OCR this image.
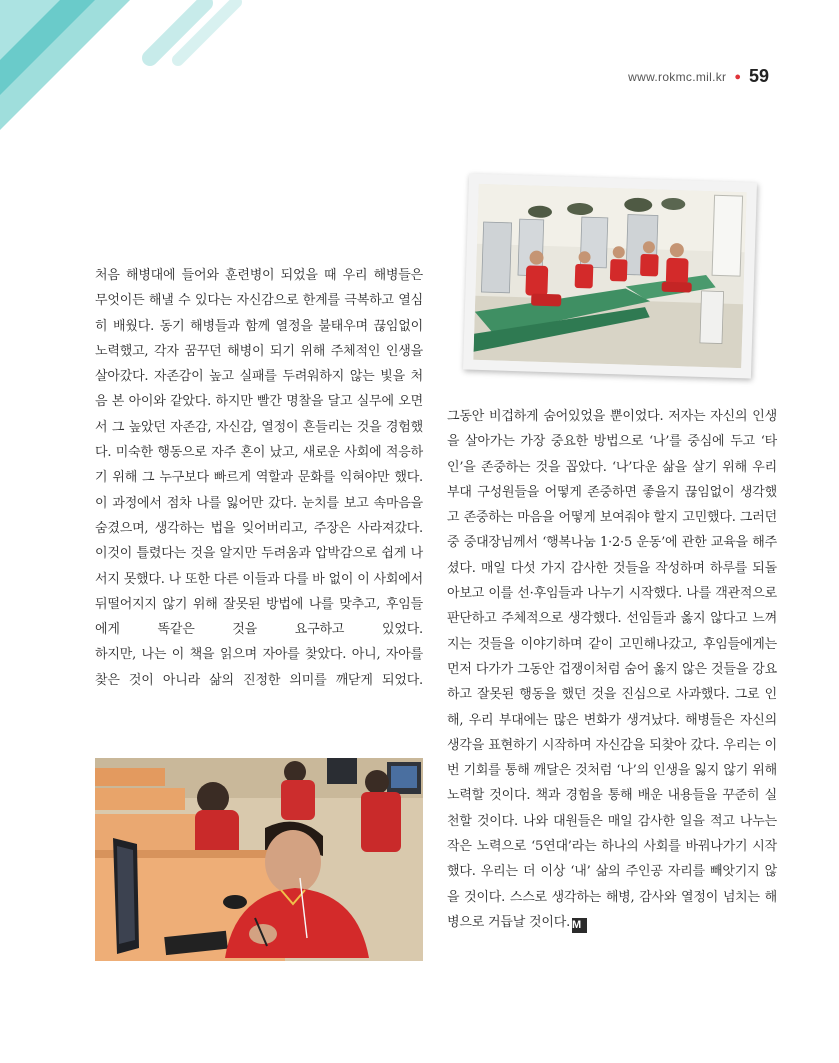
www.rokmc.mil.kr ● 59

처음 해병대에 들어와 훈련병이 되었을 때 우리 해병들은 무엇이든 해낼 수 있다는 자신감으로 한계를 극복하고 열심히 배웠다. 동기 해병들과 함께 열정을 불태우며 끊임없이 노력했고, 각자 꿈꾸던 해병이 되기 위해 주체적인 인생을 살아갔다. 자존감이 높고 실패를 두려워하지 않는 빛을 처음 본 아이와 같았다. 하지만 빨간 명찰을 달고 실무에 오면서 그 높았던 자존감, 자신감, 열정이 흔들리는 것을 경험했다. 미숙한 행동으로 자주 혼이 났고, 새로운 사회에 적응하기 위해 그 누구보다 빠르게 역할과 문화를 익혀야만 했다. 이 과정에서 점차 나를 잃어만 갔다. 눈치를 보고 속마음을 숨겼으며, 생각하는 법을 잊어버리고, 주장은 사라져갔다. 이것이 틀렸다는 것을 알지만 두려움과 압박감으로 쉽게 나서지 못했다. 나 또한 다른 이들과 다를 바 없이 이 사회에서 뒤떨어지지 않기 위해 잘못된 방법에 나를 맞추고, 후임들에게 똑같은 것을 요구하고 있었다.

하지만, 나는 이 책을 읽으며 자아를 찾았다. 아니, 자아를 찾은 것이 아니라 삶의 진정한 의미를 깨닫게 되었다.

그동안 비겁하게 숨어있었을 뿐이었다. 저자는 자신의 인생을 살아가는 가장 중요한 방법으로 ‘나’를 중심에 두고 ‘타인’을 존중하는 것을 꼽았다. ‘나’다운 삶을 살기 위해 우리 부대 구성원들을 어떻게 존중하면 좋을지 끊임없이 생각했고 존중하는 마음을 어떻게 보여줘야 할지 고민했다. 그러던 중 중대장님께서 ‘행복나눔 1·2·5 운동’에 관한 교육을 해주셨다. 매일 다섯 가지 감사한 것들을 작성하며 하루를 되돌아보고 이를 선·후임들과 나누기 시작했다. 나를 객관적으로 판단하고 주체적으로 생각했다. 선임들과 옳지 않다고 느껴지는 것들을 이야기하며 같이 고민해나갔고, 후임들에게는 먼저 다가가 그동안 겁쟁이처럼 숨어 옳지 않은 것들을 강요하고 잘못된 행동을 했던 것을 진심으로 사과했다. 그로 인해, 우리 부대에는 많은 변화가 생겨났다. 해병들은 자신의 생각을 표현하기 시작하며 자신감을 되찾아 갔다. 우리는 이번 기회를 통해 깨달은 것처럼 ‘나’의 인생을 잃지 않기 위해 노력할 것이다. 책과 경험을 통해 배운 내용들을 꾸준히 실천할 것이다. 나와 대원들은 매일 감사한 일을 적고 나누는 작은 노력으로 ‘5연대’라는 하나의 사회를 바꿔나가기 시작했다. 우리는 더 이상 ‘내’ 삶의 주인공 자리를 빼앗기지 않을 것이다. 스스로 생각하는 해병, 감사와 열정이 넘치는 해병으로 거듭날 것이다. M
